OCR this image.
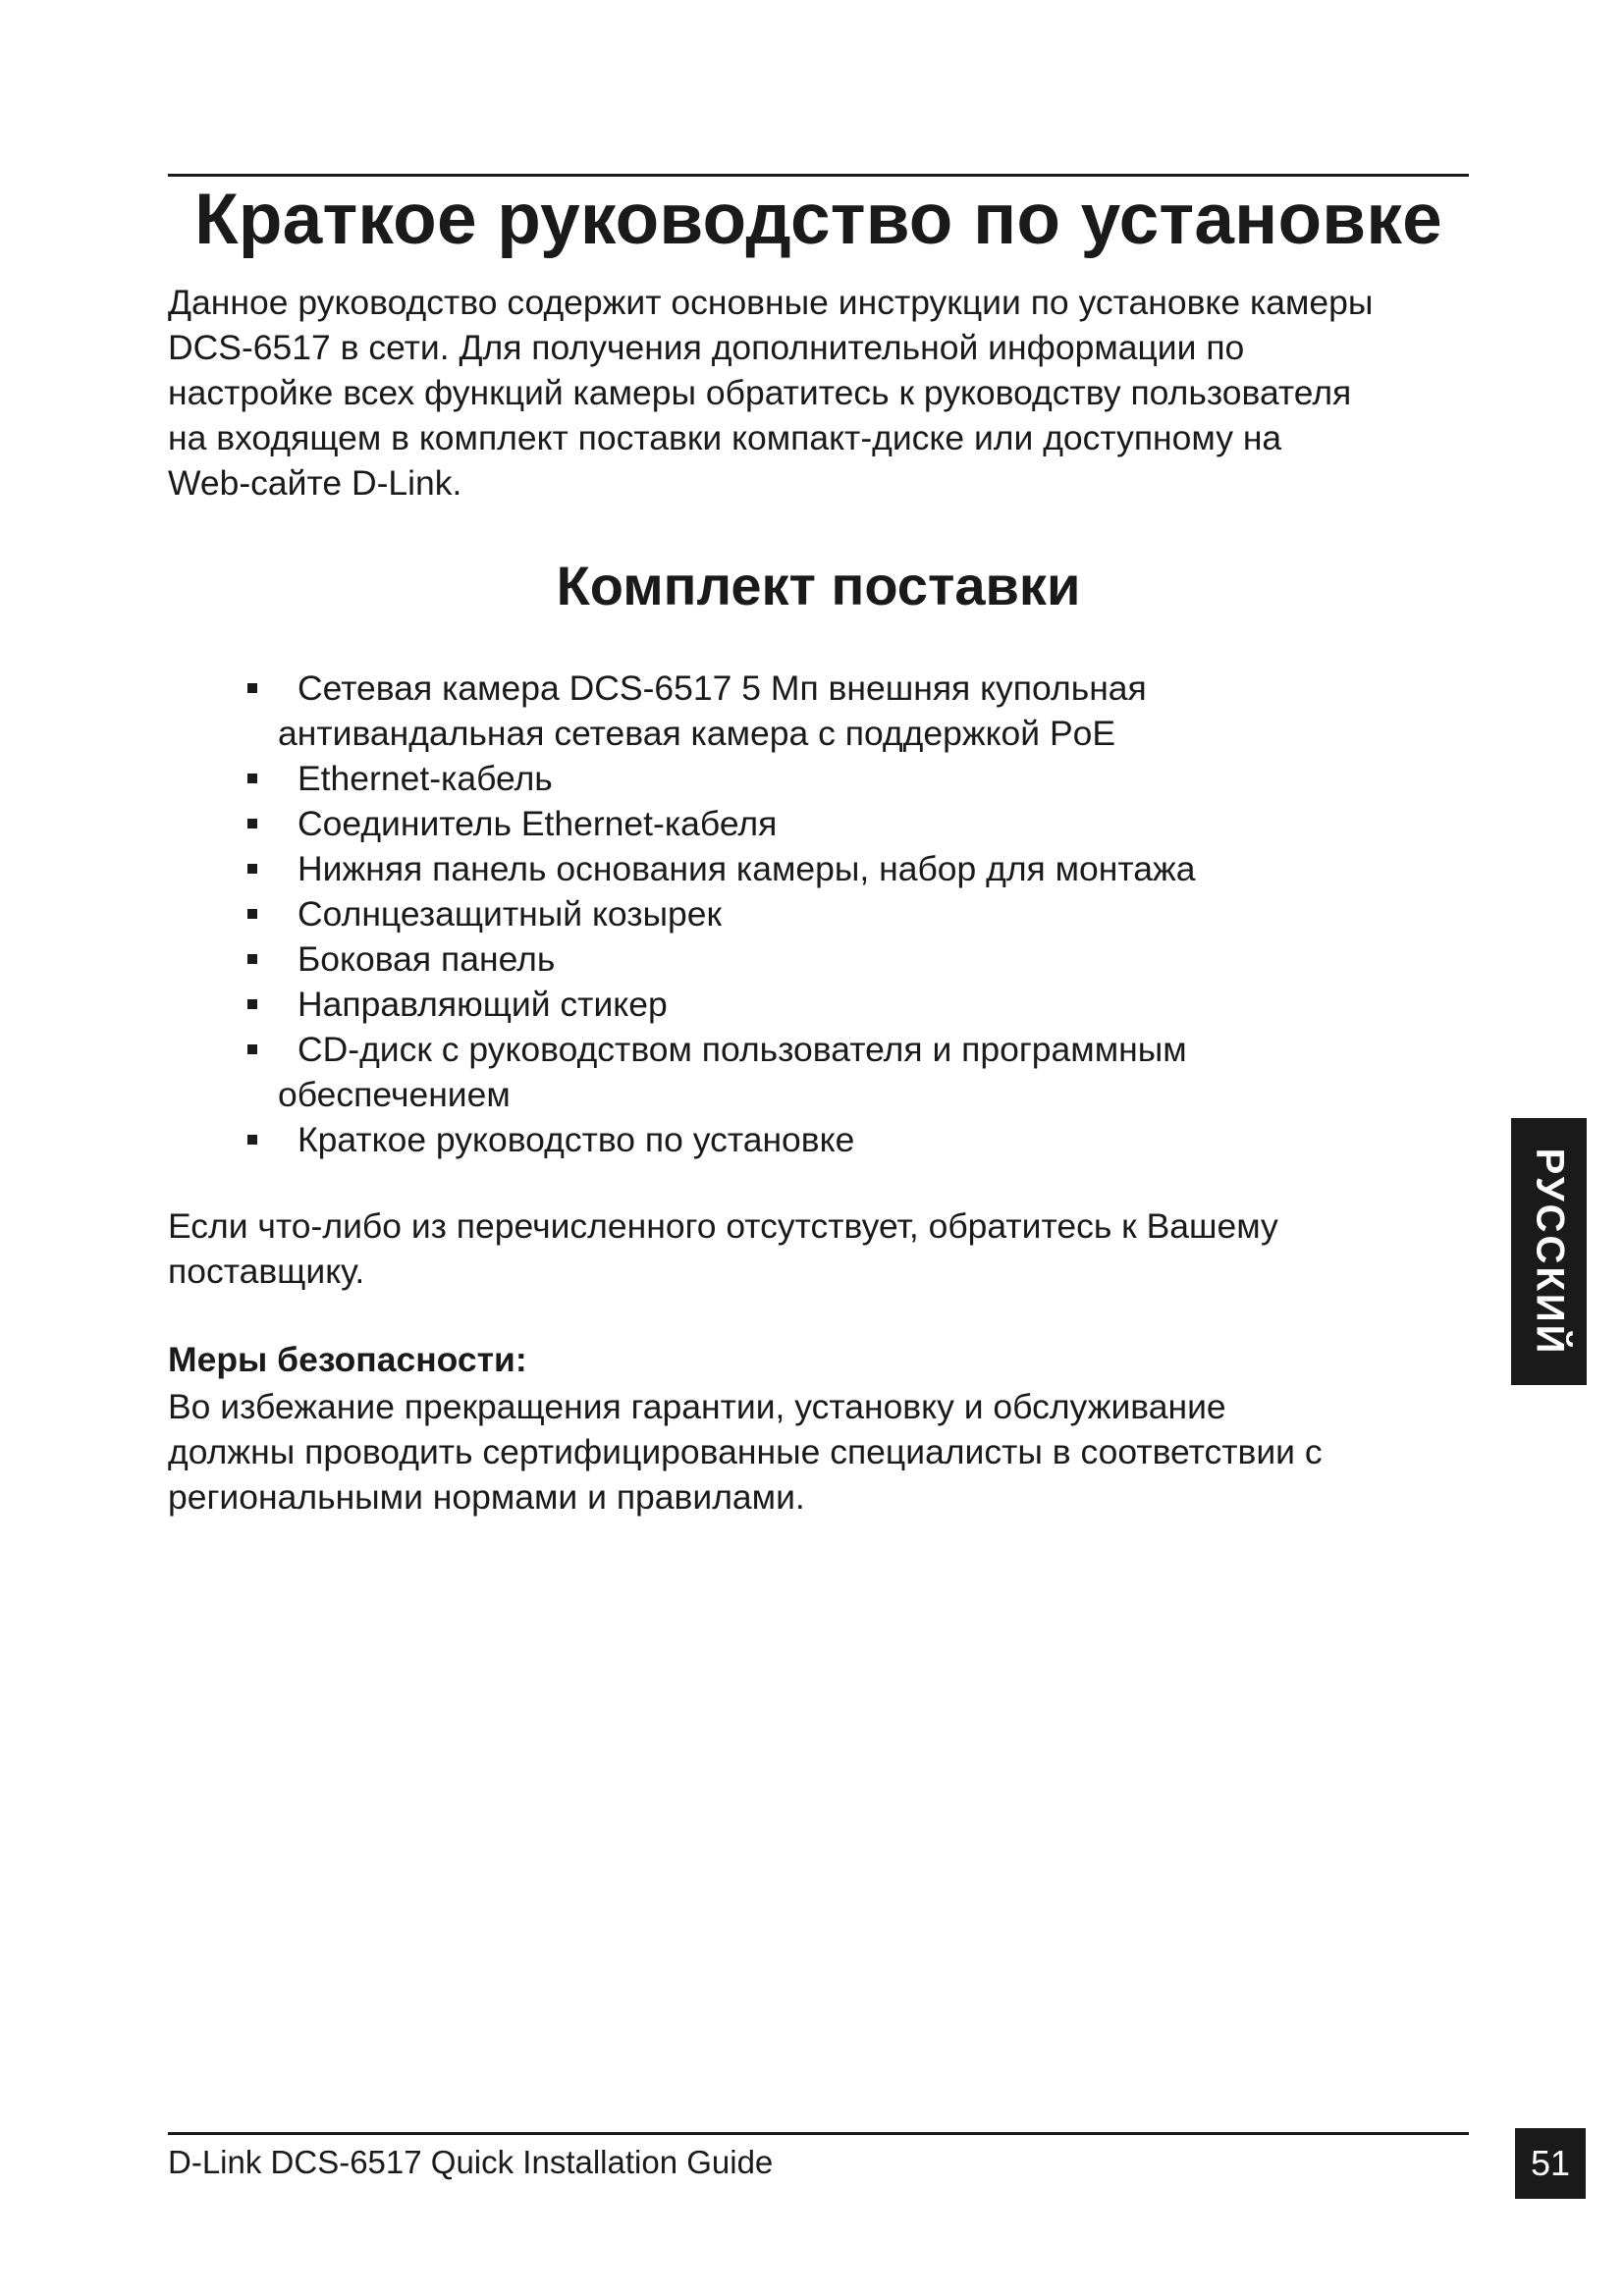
Краткое руководство по установке
Данное руководство содержит основные инструкции по установке камеры
DCS-6517 в сети. Для получения дополнительной информации по
настройке всех функций камеры обратитесь к руководству пользователя
на входящем в комплект поставки компакт-диске или доступному на
Web-сайте D-Link.
Комплект поставки
Сетевая камера DCS-6517 5 Мп внешняя купольная
антивандальная сетевая камера с поддержкой PoE
Ethernet-кабель
Соединитель Ethernet-кабеля
Нижняя панель основания камеры, набор для монтажа
Солнцезащитный козырек
Боковая панель
Направляющий стикер
CD-диск с руководством пользователя и программным
обеспечением
Краткое руководство по установке
Если что-либо из перечисленного отсутствует, обратитесь к Вашему
поставщику.
Меры безопасности:
Во избежание прекращения гарантии, установку и обслуживание
должны проводить сертифицированные специалисты в соответствии с
региональными нормами и правилами.
РУССКИЙ
D-Link DCS-6517 Quick Installation Guide	51
